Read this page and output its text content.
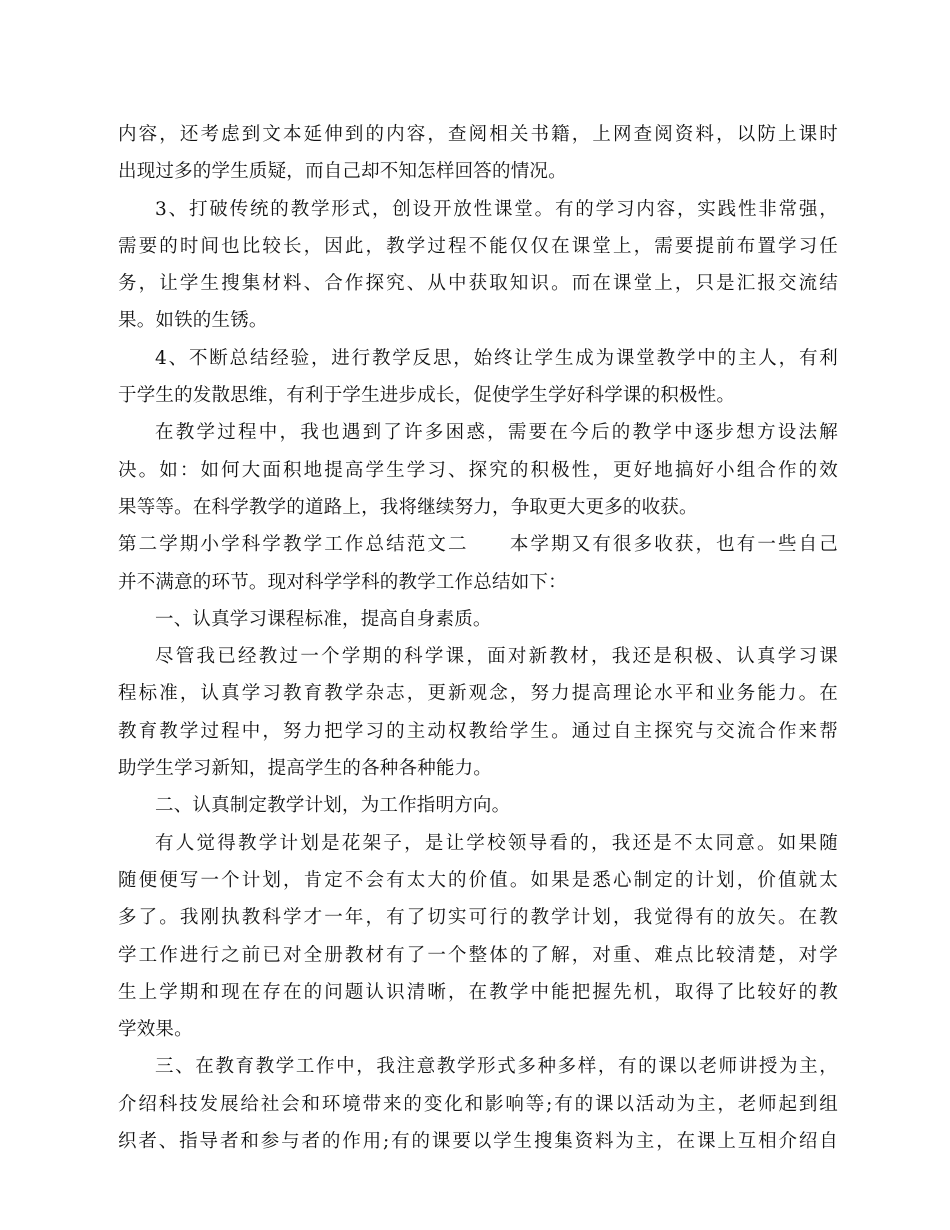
内容，还考虑到文本延伸到的内容，查阅相关书籍，上网查阅资料，以防上课时
出现过多的学生质疑，而自己却不知怎样回答的情况。
3、打破传统的教学形式，创设开放性课堂。有的学习内容，实践性非常强，
需要的时间也比较长，因此，教学过程不能仅仅在课堂上，需要提前布置学习任
务，让学生搜集材料、合作探究、从中获取知识。而在课堂上，只是汇报交流结
果。如铁的生锈。
4、不断总结经验，进行教学反思，始终让学生成为课堂教学中的主人，有利
于学生的发散思维，有利于学生进步成长，促使学生学好科学课的积极性。
在教学过程中，我也遇到了许多困惑，需要在今后的教学中逐步想方设法解
决。如：如何大面积地提高学生学习、探究的积极性，更好地搞好小组合作的效
果等等。在科学教学的道路上，我将继续努力，争取更大更多的收获。
第二学期小学科学教学工作总结范文二　　本学期又有很多收获，也有一些自己
并不满意的环节。现对科学学科的教学工作总结如下：
一、认真学习课程标准，提高自身素质。
尽管我已经教过一个学期的科学课，面对新教材，我还是积极、认真学习课
程标准，认真学习教育教学杂志，更新观念，努力提高理论水平和业务能力。在
教育教学过程中，努力把学习的主动权教给学生。通过自主探究与交流合作来帮
助学生学习新知，提高学生的各种各种能力。
二、认真制定教学计划，为工作指明方向。
有人觉得教学计划是花架子，是让学校领导看的，我还是不太同意。如果随
随便便写一个计划，肯定不会有太大的价值。如果是悉心制定的计划，价值就太
多了。我刚执教科学才一年，有了切实可行的教学计划，我觉得有的放矢。在教
学工作进行之前已对全册教材有了一个整体的了解，对重、难点比较清楚，对学
生上学期和现在存在的问题认识清晰，在教学中能把握先机，取得了比较好的教
学效果。
三、在教育教学工作中，我注意教学形式多种多样，有的课以老师讲授为主，
介绍科技发展给社会和环境带来的变化和影响等;有的课以活动为主，老师起到组
织者、指导者和参与者的作用;有的课要以学生搜集资料为主，在课上互相介绍自
